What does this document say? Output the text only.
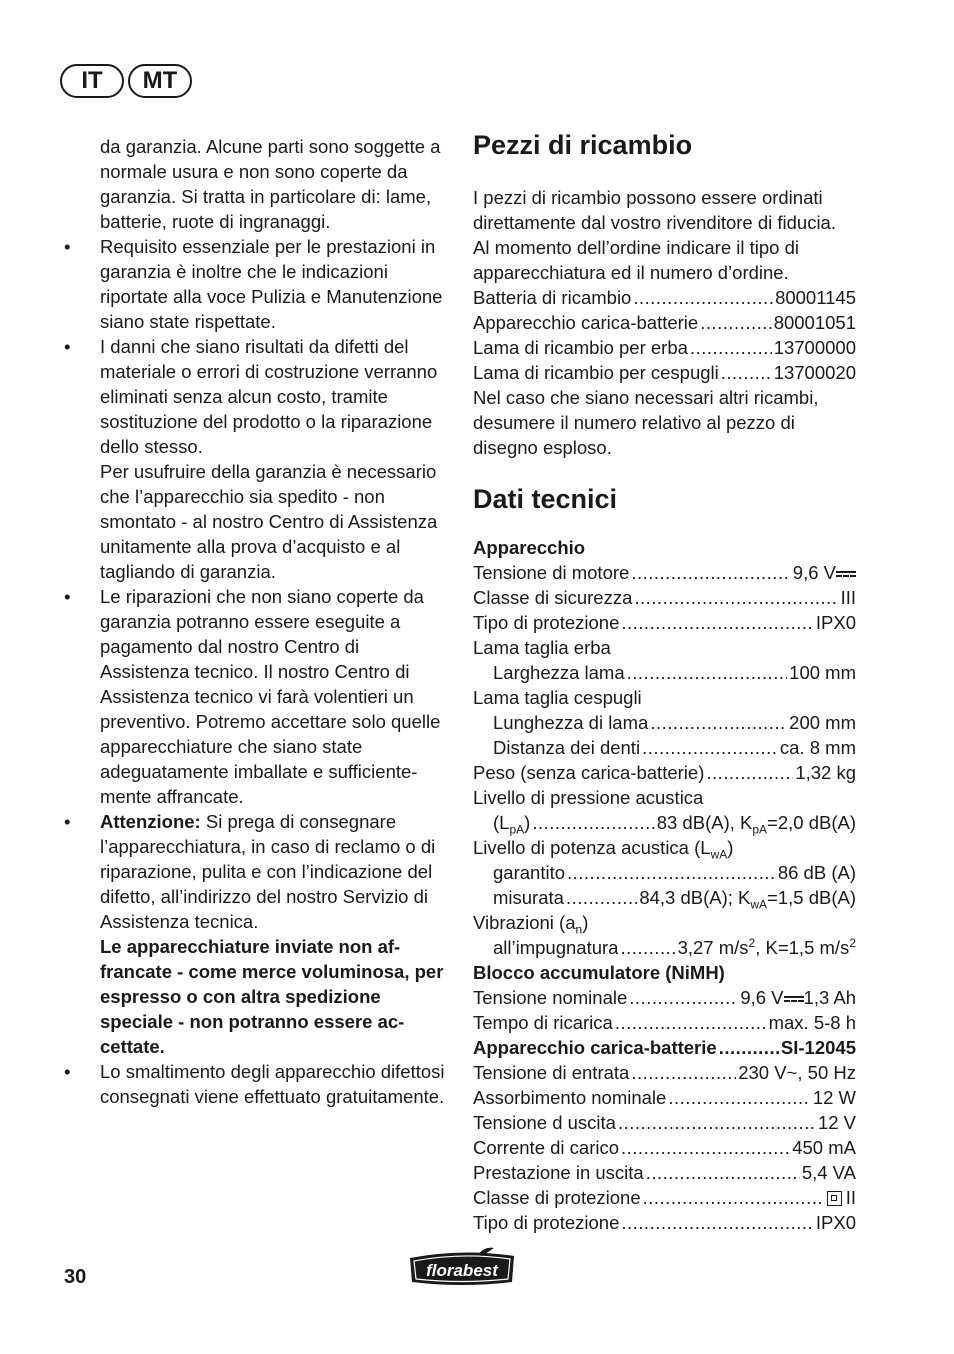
IT	MT

da garanzia. Alcune parti sono soggette a normale usura e non sono coperte da garanzia. Si tratta in particolare di: lame, batterie, ruote di ingranaggi.

• Requisito essenziale per le prestazioni in garanzia è inoltre che le indicazioni riportate alla voce Pulizia e Manutenzione siano state rispettate.

• I danni che siano risultati da difetti del materiale o errori di costruzione verranno eliminati senza alcun costo, tramite sostituzione del prodotto o la riparazione dello stesso.

Per usufruire della garanzia è necessario che l’apparecchio sia spedito - non smontato - al nostro Centro di Assistenza unitamente alla prova d’acquisto e al tagliando di garanzia.

• Le riparazioni che non siano coperte da garanzia potranno essere eseguite a pagamento dal nostro Centro di Assistenza tecnico. Il nostro Centro di Assistenza tecnico vi farà volentieri un preventivo. Potremo accettare solo quelle apparecchiature che siano state adeguatamente imballate e sufficientemente affrancate.

• Attenzione: Si prega di consegnare l’apparecchiatura, in caso di reclamo o di riparazione, pulita e con l’indicazione del difetto, all’indirizzo del nostro Servizio di Assistenza tecnica.

Le apparecchiature inviate non affrancate - come merce voluminosa, per espresso o con altra spedizione speciale - non potranno essere accettate.

• Lo smaltimento degli apparecchio difettosi consegnati viene effettuato gratuitamente.

Pezzi di ricambio

I pezzi di ricambio possono essere ordinati direttamente dal vostro rivenditore di fiducia. Al momento dell’ordine indicare il tipo di apparecchiatura ed il numero d’ordine.

Batteria di ricambio .....	80001145
Apparecchio carica-batterie .....	80001051
Lama di ricambio per erba .....	13700000
Lama di ricambio per cespugli .....	13700020

Nel caso che siano necessari altri ricambi, desumere il numero relativo al pezzo di disegno esploso.

Dati tecnici
Apparecchio
Tensione di motore .....	9,6 V
Classe di sicurezza .....	III
Tipo di protezione .....	IPX0
Lama taglia erba
Larghezza lama .....	100 mm
Lama taglia cespugli
Lunghezza di lama .....	200 mm
Distanza dei denti .....	ca. 8 mm
Peso (senza carica-batterie) .....	1,32 kg
Livello di pressione acustica
$(L_{pA})$ .....	83 dB(A), $K_{pA}=2,0$ dB(A)
Livello di potenza acustica $(L_{wA})$
garantito .....	86 dB (A)
misurata .....	84,3 dB(A); $K_{wA}=1,5$ dB(A)
Vibrazioni $(a_n)$
all’impugnatura .....	3,27 $m/s^2$, K=1,5 $m/s^2$
Blocco accumulatore (NiMH)
Tensione nominale .....	9,6 V 1,3 Ah
Tempo di ricarica .....	max. 5-8 h
Apparecchio carica-batterie .....	SI-12045
Tensione di entrata .....	230 V~, 50 Hz
Assorbimento nominale .....	12 W
Tensione d uscita .....	12 V
Corrente di carico .....	450 mA
Prestazione in uscita .....	5,4 VA
Classe di protezione .....	II
Tipo di protezione .....	IPX0
30	florabest
